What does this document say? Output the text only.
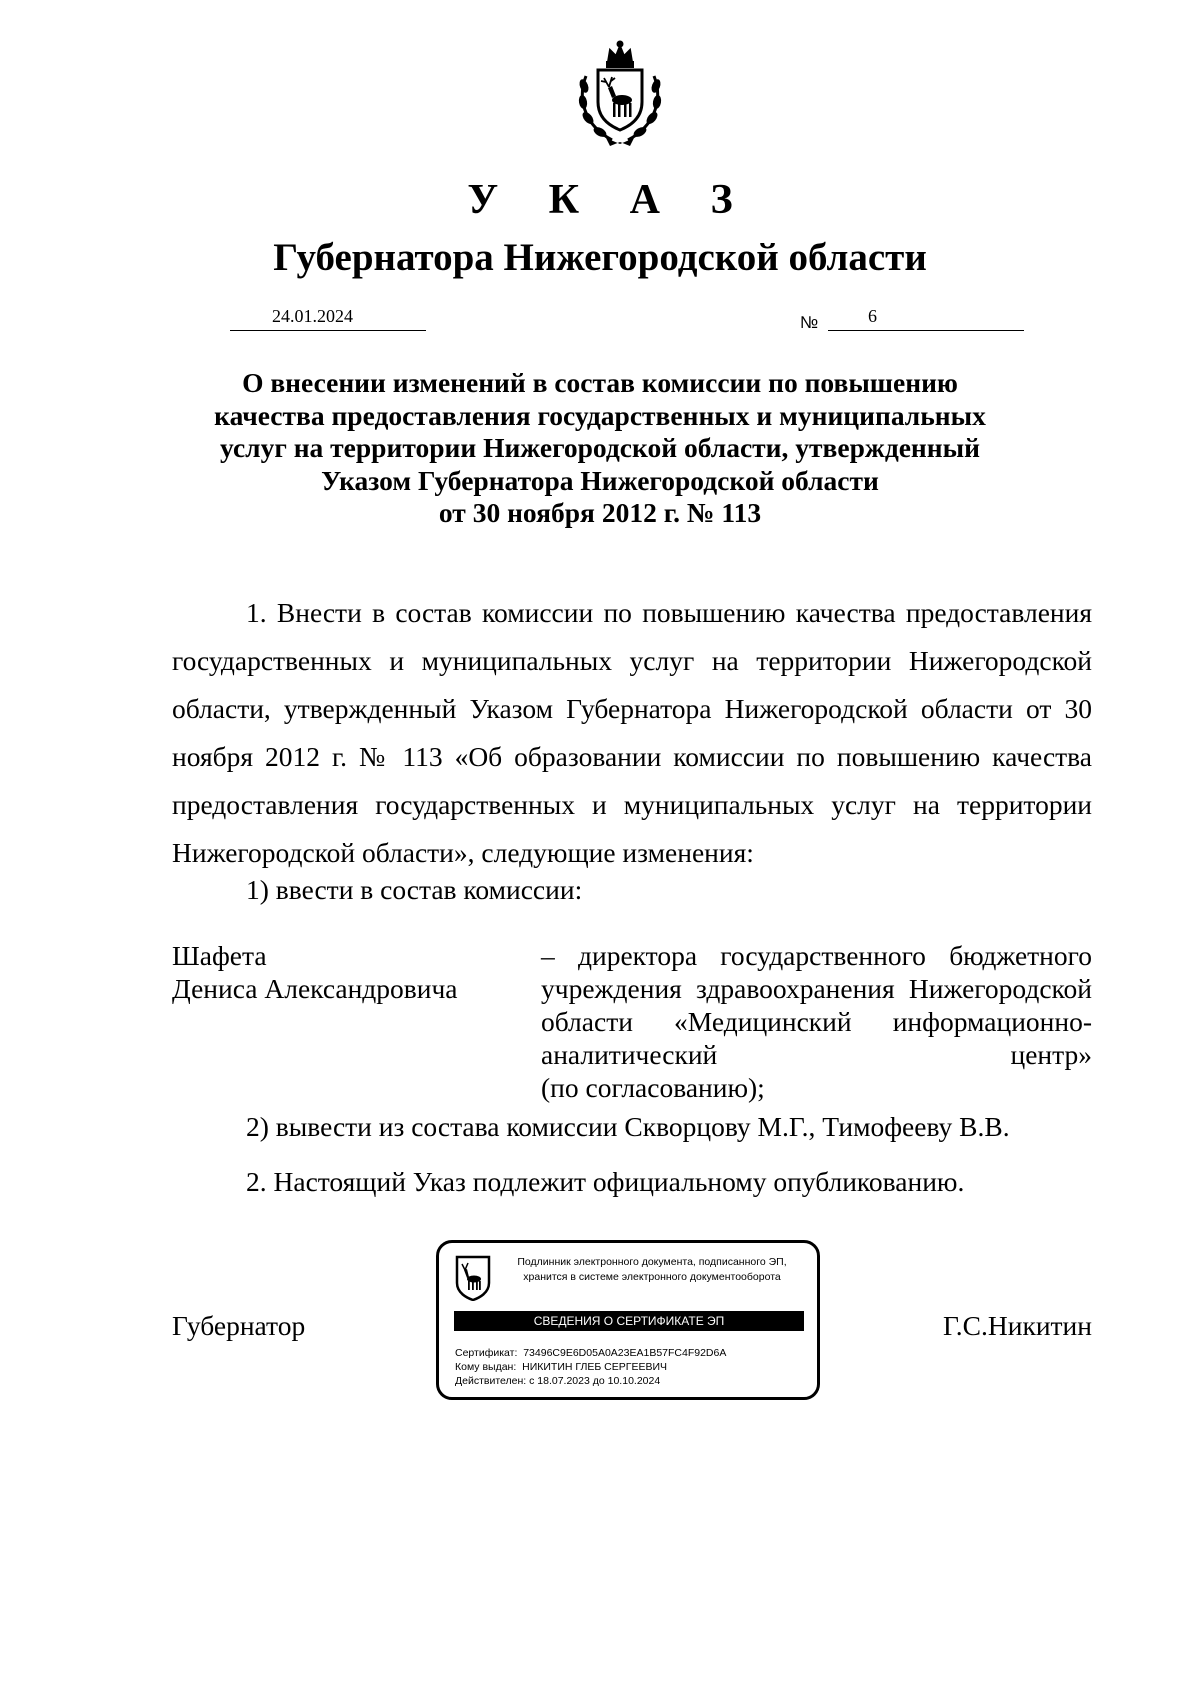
У К А З
Губернатора Нижегородской области
24.01.2024	№	6
О внесении изменений в состав комиссии по повышению
качества предоставления государственных и муниципальных
услуг на территории Нижегородской области, утвержденный
Указом Губернатора Нижегородской области
от 30 ноября 2012 г. № 113
1. Внести в состав комиссии по повышению качества предоставления государственных и муниципальных услуг на территории Нижегородской области, утвержденный Указом Губернатора Нижегородской области от 30 ноября 2012 г. № 113 «Об образовании комиссии по повышению качества предоставления государственных и муниципальных услуг на территории Нижегородской области», следующие изменения:
1) ввести в состав комиссии:
Шафета
Дениса Александровича
– директора государственного бюджетного учреждения здравоохранения Нижегородской области «Медицинский информационно-аналитический центр»
(по согласованию);
2) вывести из состава комиссии Скворцову М.Г., Тимофееву В.В.
2. Настоящий Указ подлежит официальному опубликованию.
Губернатор	Г.С.Никитин
Подлинник электронного документа, подписанного ЭП,
хранится в системе электронного документооборота
СВЕДЕНИЯ О СЕРТИФИКАТЕ ЭП
Сертификат: 73496C9E6D05A0A23EA1B57FC4F92D6A
Кому выдан: НИКИТИН ГЛЕБ СЕРГЕЕВИЧ
Действителен: с 18.07.2023 до 10.10.2024
